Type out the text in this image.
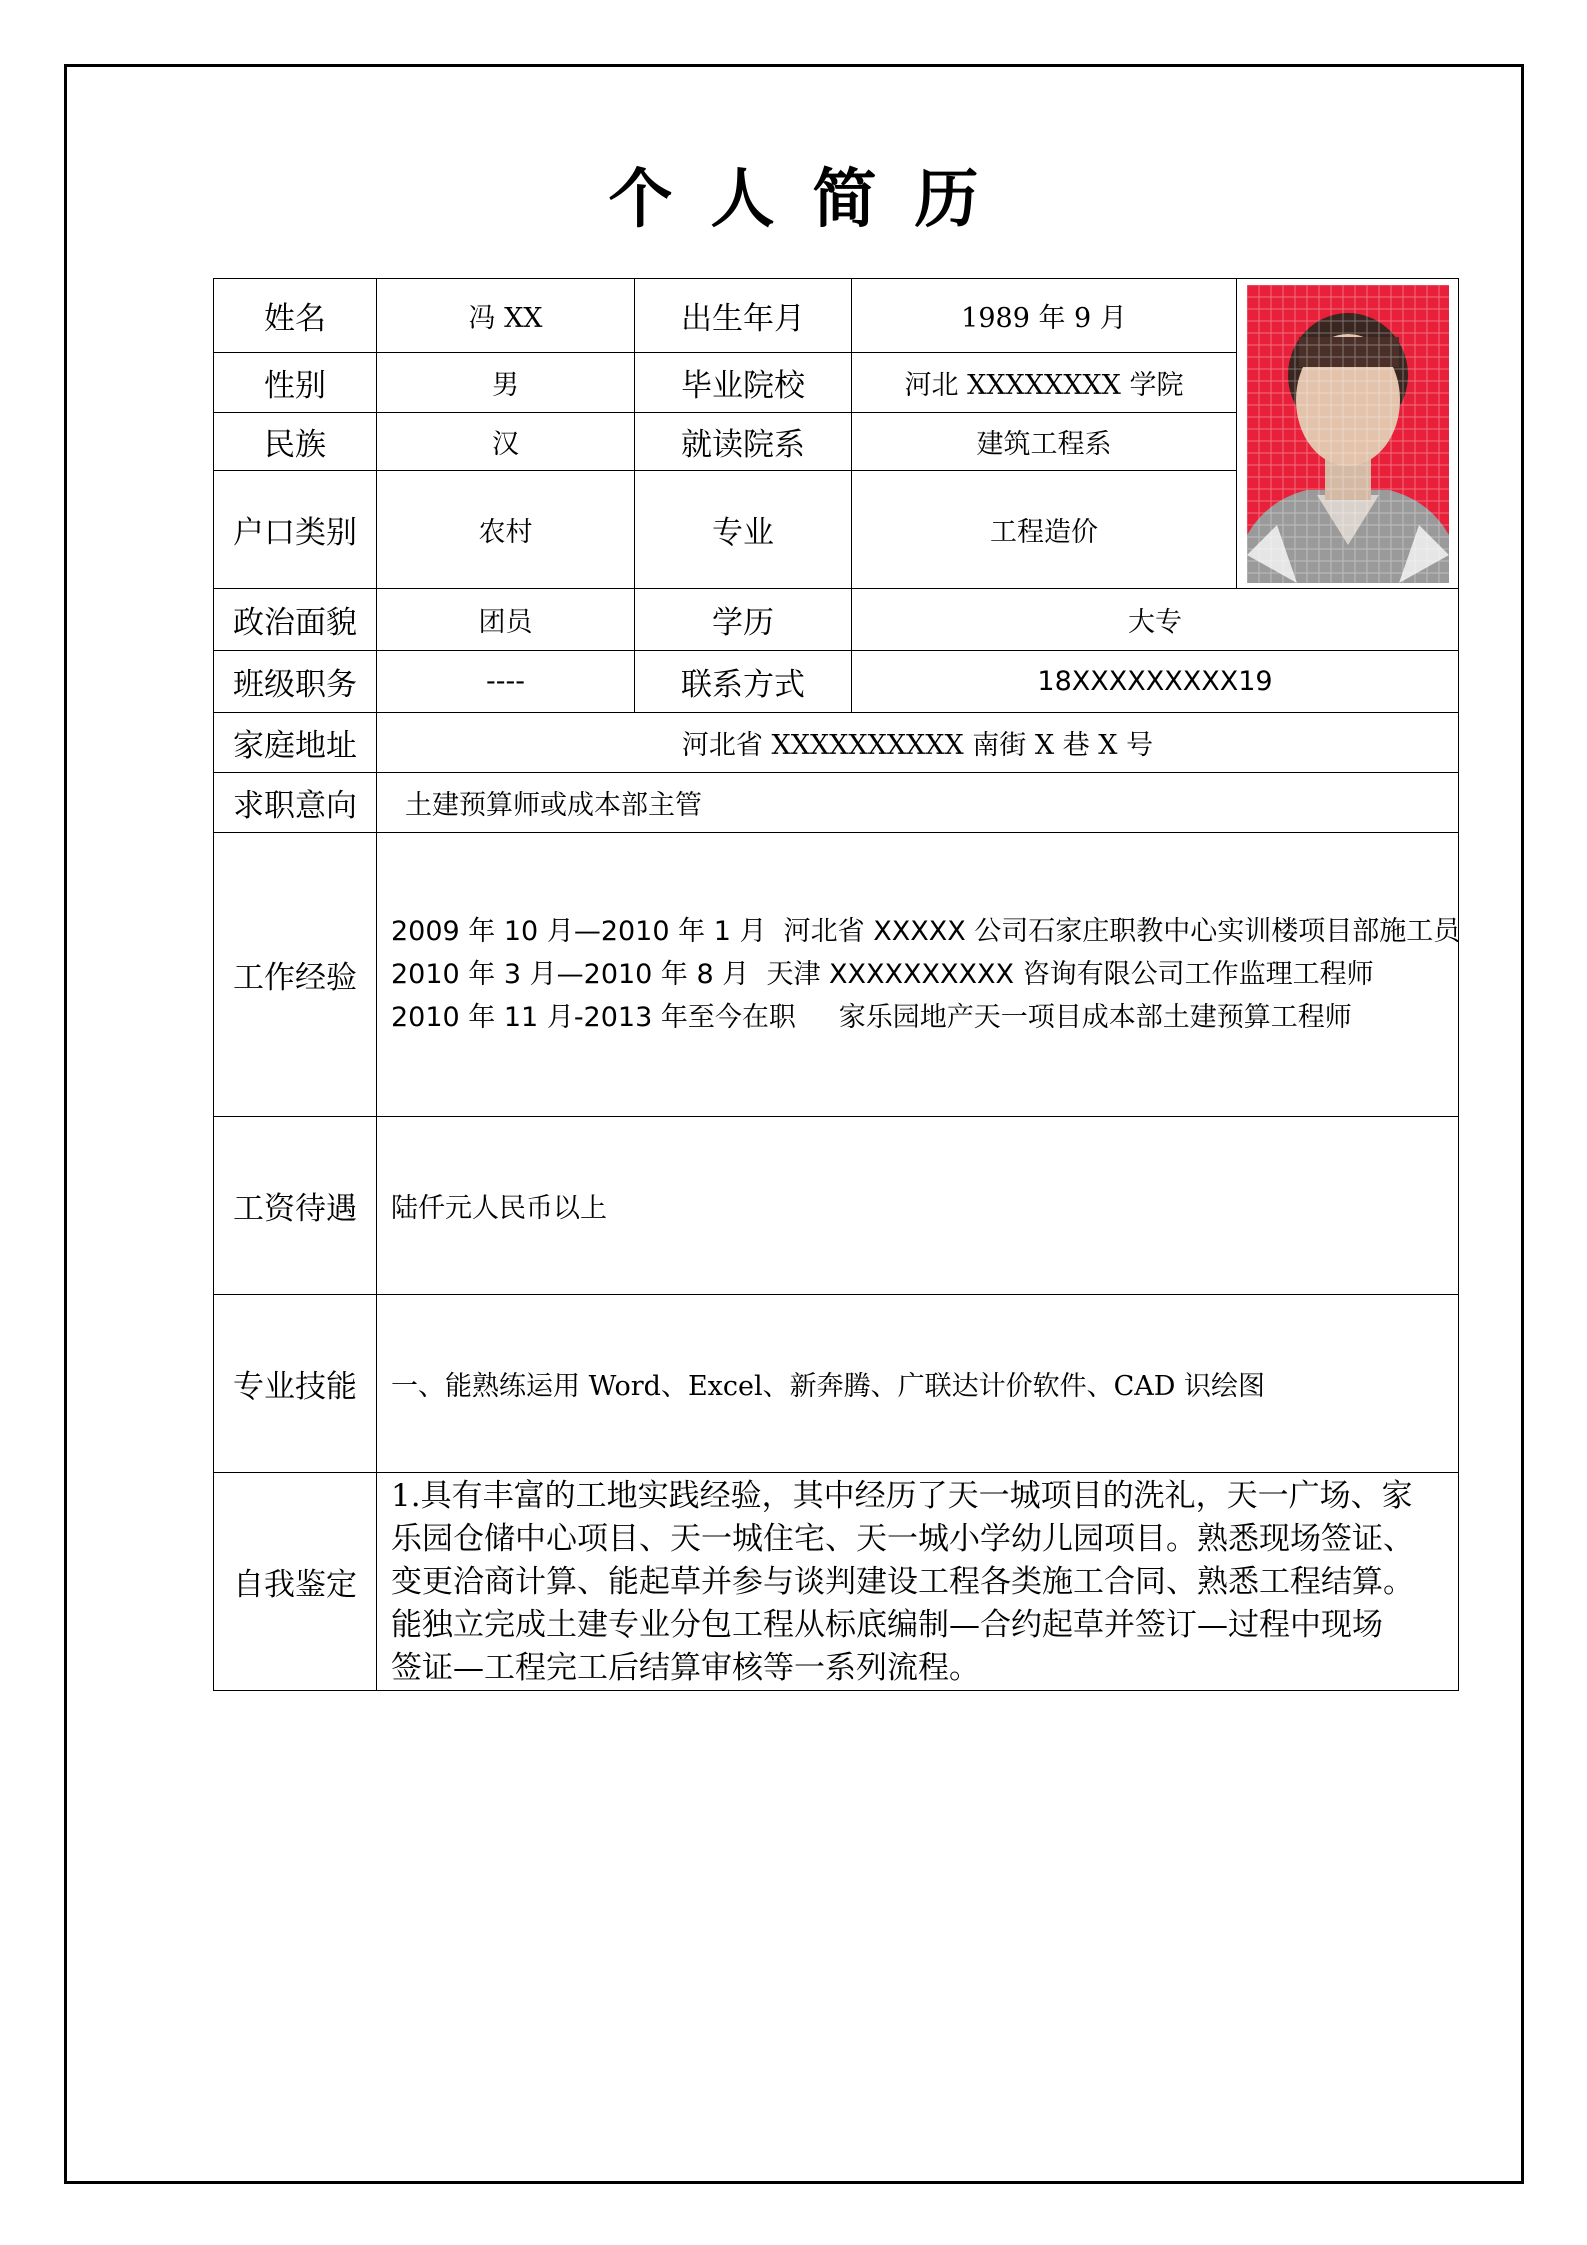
个人简历
姓名	冯 XX	出生年月	1989 年 9 月	
性别	男	毕业院校	河北 XXXXXXXX 学院	
民族	汉	就读院系	建筑工程系	
户口类别	农村	专业	工程造价	
政治面貌	团员	学历	大专	
班级职务	----	联系方式	18XXXXXXXXX19	
家庭地址	河北省 XXXXXXXXXX 南街 X 巷 X 号			
求职意向	土建预算师或成本部主管			
工作经验	2009 年 10 月—2010 年 1 月  河北省 XXXXX 公司石家庄职教中心实训楼项目部施工员
2010 年 3 月—2010 年 8 月  天津 XXXXXXXXXX 咨询有限公司工作监理工程师
2010 年 11 月-2013 年至今在职     家乐园地产天一项目成本部土建预算工程师			

工资待遇	陆仟元人民币以上			
专业技能	一、能熟练运用 Word、Excel、新奔腾、广联达计价软件、CAD 识绘图			
自我鉴定	1.具有丰富的工地实践经验，其中经历了天一城项目的洗礼，天一广场、家
乐园仓储中心项目、天一城住宅、天一城小学幼儿园项目。熟悉现场签证、
变更洽商计算、能起草并参与谈判建设工程各类施工合同、熟悉工程结算。
能独立完成土建专业分包工程从标底编制—合约起草并签订—过程中现场
签证—工程完工后结算审核等一系列流程。			
